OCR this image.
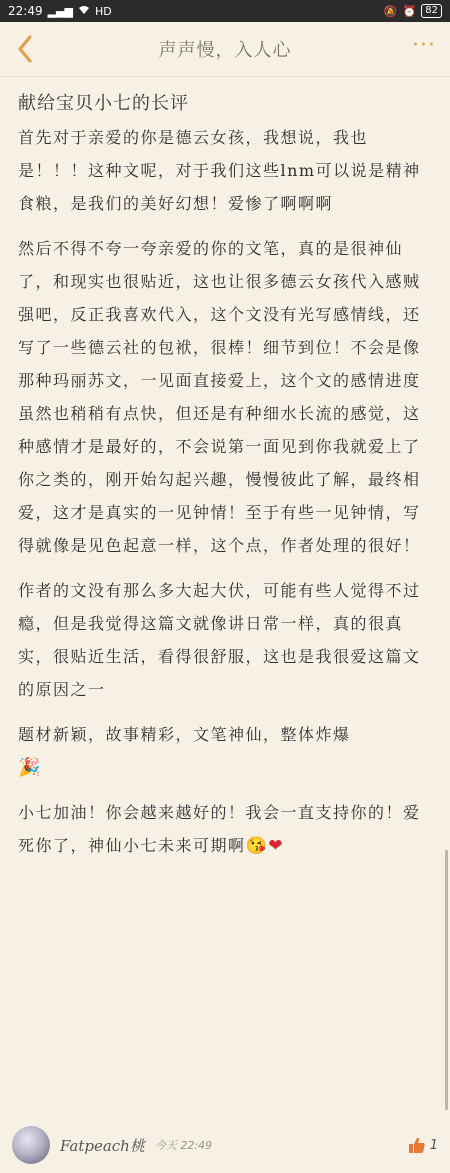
22:49 ▂▄▆ HD	🔕 ⏰ 82
声声慢，入人心	···
献给宝贝小七的长评

首先对于亲爱的你是德云女孩，我想说，我也是！！！这种文呢，对于我们这些lnm可以说是精神食粮，是我们的美好幻想！爱惨了啊啊啊

然后不得不夸一夸亲爱的你的文笔，真的是很神仙了，和现实也很贴近，这也让很多德云女孩代入感贼强吧，反正我喜欢代入，这个文没有光写感情线，还写了一些德云社的包袱，很棒！细节到位！不会是像那种玛丽苏文，一见面直接爱上，这个文的感情进度虽然也稍稍有点快，但还是有种细水长流的感觉，这种感情才是最好的，不会说第一面见到你我就爱上了你之类的，刚开始勾起兴趣，慢慢彼此了解，最终相爱，这才是真实的一见钟情！至于有些一见钟情，写得就像是见色起意一样，这个点，作者处理的很好！

作者的文没有那么多大起大伏，可能有些人觉得不过瘾，但是我觉得这篇文就像讲日常一样，真的很真实，很贴近生活，看得很舒服，这也是我很爱这篇文的原因之一

题材新颖，故事精彩，文笔神仙，整体炸爆
🎉

小七加油！你会越来越好的！我会一直支持你的！爱死你了，神仙小七未来可期啊😘❤

Fatpeach桃 今天 22:49	1
